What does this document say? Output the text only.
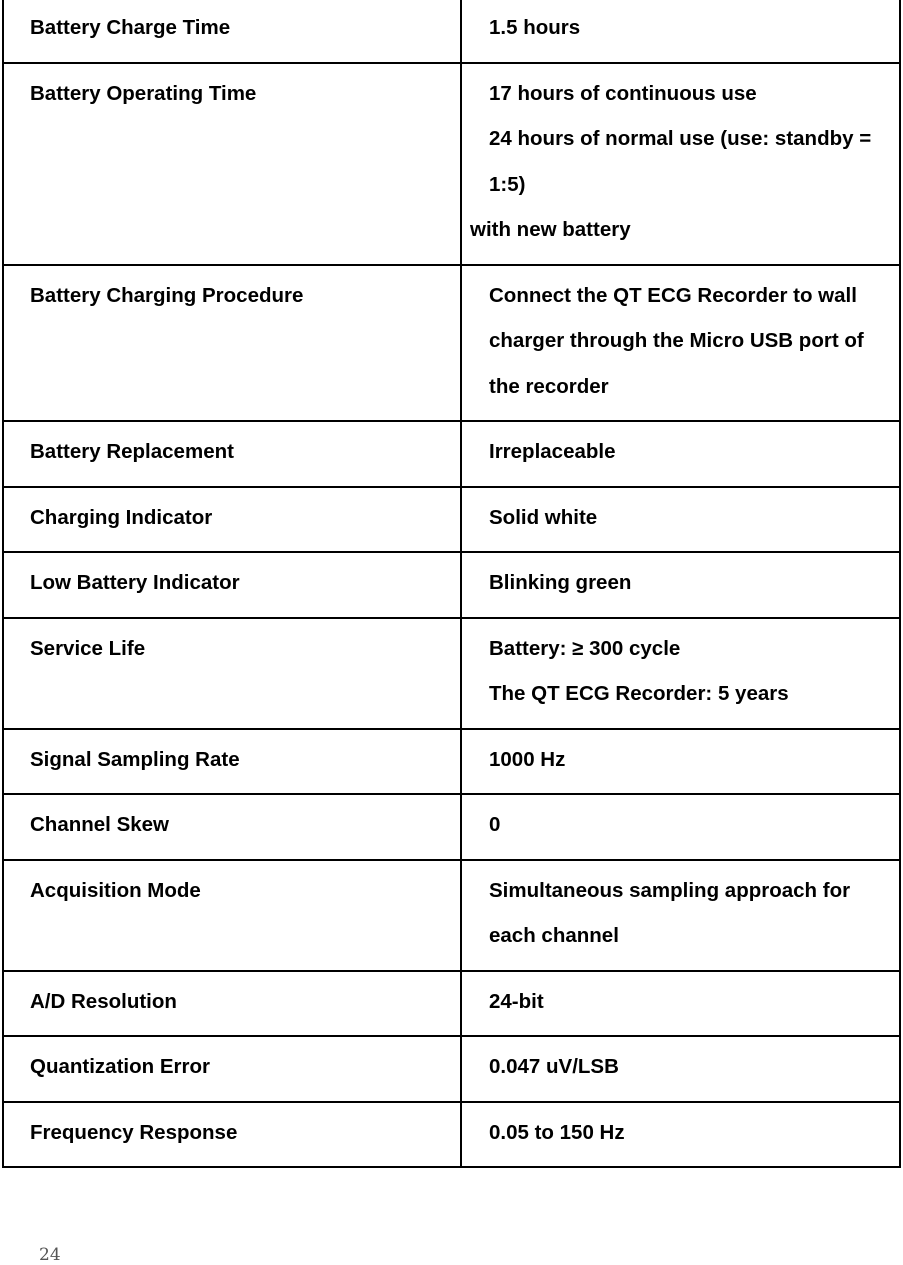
Battery Charge Time	1.5 hours

Battery Operating Time	17 hours of continuous use
24 hours of normal use (use: standby =
1:5)
with new battery

Battery Charging Procedure	Connect the QT ECG Recorder to wall charger through the Micro USB port of the recorder

Battery Replacement	Irreplaceable

Charging Indicator	Solid white

Low Battery Indicator	Blinking green

Service Life	Battery: ≥ 300 cycle
The QT ECG Recorder: 5 years

Signal Sampling Rate	1000 Hz

Channel Skew	0

Acquisition Mode	Simultaneous sampling approach for each channel

A/D Resolution	24-bit

Quantization Error	0.047 uV/LSB

Frequency Response	0.05 to 150 Hz
24
